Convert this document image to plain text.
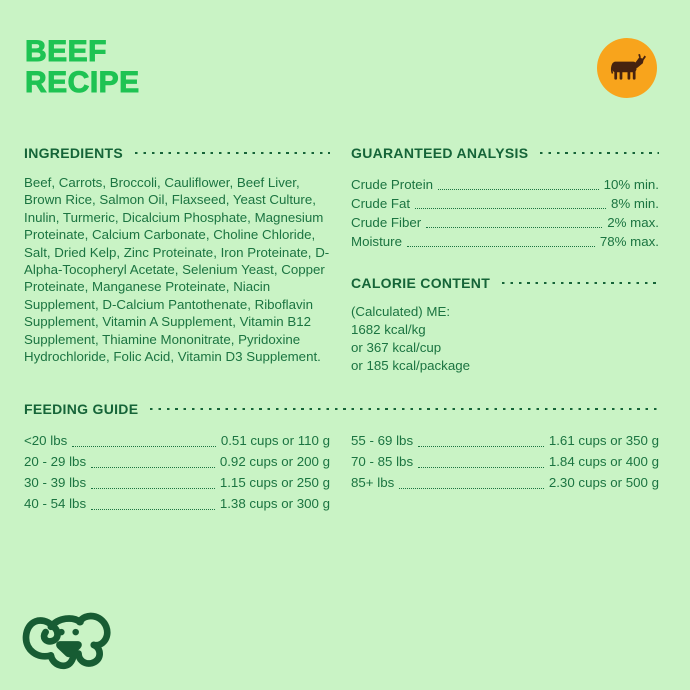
BEEF
RECIPE
INGREDIENTS

Beef, Carrots, Broccoli, Cauliflower, Beef Liver, Brown Rice, Salmon Oil, Flaxseed, Yeast Culture, Inulin, Turmeric, Dicalcium Phosphate, Magnesium Proteinate, Calcium Carbonate, Choline Chloride, Salt, Dried Kelp, Zinc Proteinate, Iron Proteinate, D-Alpha-Tocopheryl Acetate, Selenium Yeast, Copper Proteinate, Manganese Proteinate, Niacin Supplement, D-Calcium Pantothenate, Riboflavin Supplement, Vitamin A Supplement, Vitamin B12 Supplement, Thiamine Mononitrate, Pyridoxine Hydrochloride, Folic Acid, Vitamin D3 Supplement.

GUARANTEED ANALYSIS
Crude Protein	10% min.
Crude Fat	8% min.
Crude Fiber	2% max.
Moisture	78% max.
CALORIE CONTENT
(Calculated) ME:
1682 kcal/kg
or 367 kcal/cup
or 185 kcal/package
FEEDING GUIDE
<20 lbs	0.51 cups or 110 g
20 - 29 lbs	0.92 cups or 200 g
30 - 39 lbs	1.15 cups or 250 g
40 - 54 lbs	1.38 cups or 300 g
55 - 69 lbs	1.61 cups or 350 g
70 - 85 lbs	1.84 cups or 400 g
85+ lbs	2.30 cups or 500 g
